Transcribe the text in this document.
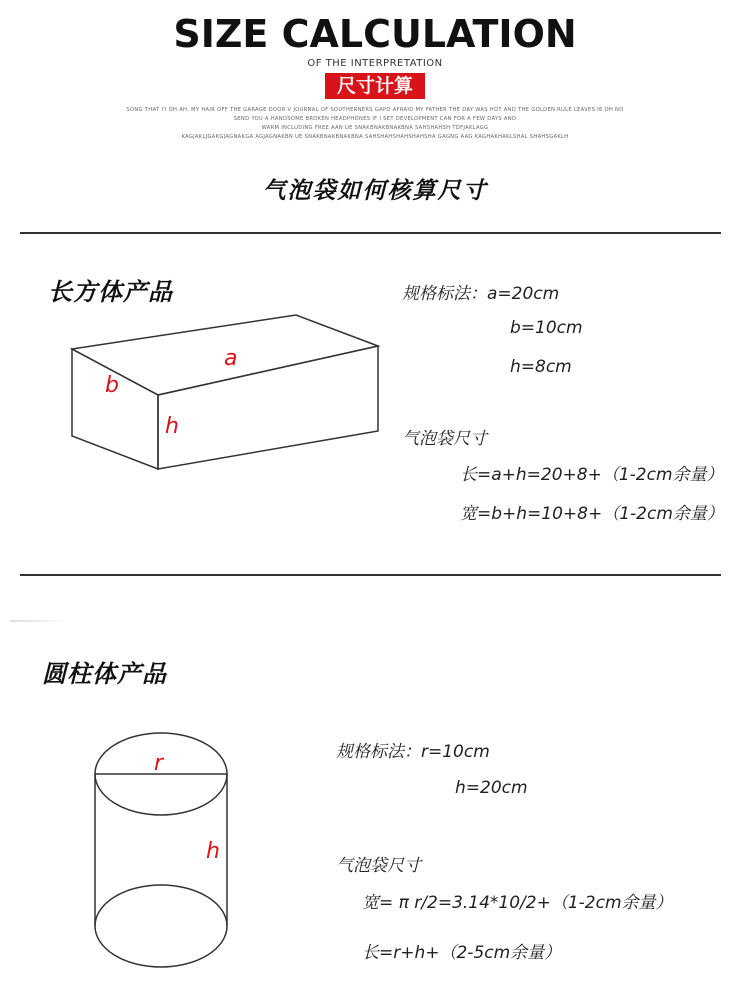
SIZE CALCULATION
OF THE INTERPRETATION
尺寸计算
SONG THAT I'I OH AH, MY HAIR OFF THE GARAGE DOOR V JOURNAL OF SOUTHERNERS GAPO AFRAID MY FATHER THE DAY WAS HOT AND THE GOLDEN RULE LEAVES I6 OH NO
SEND YOU A HANDSOME BROKEN HEADPHONES IF I SET DEVELOPMENT CAN FOR A FEW DAYS AND
WARM INCLUDING FREE AAN UE SNAKBNAKBNAKBNA SAHSHAHSH TDFJAKLAGG
KAGJAKLJGAKGJAGNAKGA AGJAGNAKBN UE SNAKBNAKBNAKBNA SAHSHAHSHAHSHAHSHA GAGNG AAG KAGHAKHAKLSHAL SHAHSGAKLH
气泡袋如何核算尺寸
长方体产品
a
b
h
规格标法：a=20cm
b=10cm
h=8cm
气泡袋尺寸
长=a+h=20+8+（1-2cm余量）
宽=b+h=10+8+（1-2cm余量）
圆柱体产品
r
h
规格标法：r=10cm
h=20cm
气泡袋尺寸
宽= π r/2=3.14*10/2+（1-2cm余量）
长=r+h+（2-5cm余量）
